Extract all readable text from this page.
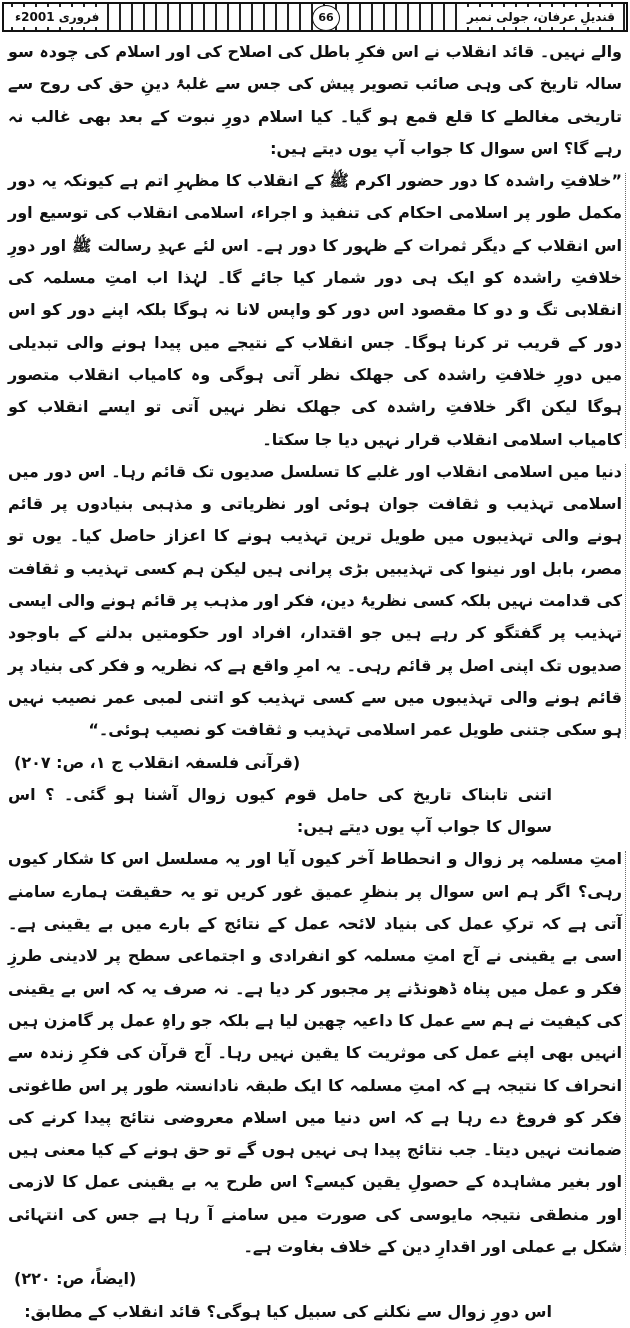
فروری 2001ء	66	قندیلِ عرفان، جولی نمبر

والے نہیں۔ قائد انقلاب نے اس فکرِ باطل کی اصلاح کی اور اسلام کی چودہ سو سالہ تاریخ کی وہی صائب تصویر پیش کی جس سے غلبۂ دینِ حق کی روح سے تاریخی مغالطے کا قلع قمع ہو گیا۔ کیا اسلام دورِ نبوت کے بعد بھی غالب نہ رہے گا؟ اس سوال کا جواب آپ یوں دیتے ہیں:

”خلافتِ راشدہ کا دور حضور اکرم ﷺ کے انقلاب کا مظہرِ اتم ہے کیونکہ یہ دور مکمل طور پر اسلامی احکام کی تنفیذ و اجراء، اسلامی انقلاب کی توسیع اور اس انقلاب کے دیگر ثمرات کے ظہور کا دور ہے۔ اس لئے عہدِ رسالت ﷺ اور دورِ خلافتِ راشدہ کو ایک ہی دور شمار کیا جائے گا۔ لہٰذا اب امتِ مسلمہ کی انقلابی تگ و دو کا مقصود اس دور کو واپس لانا نہ ہوگا بلکہ اپنے دور کو اس دور کے قریب تر کرنا ہوگا۔ جس انقلاب کے نتیجے میں پیدا ہونے والی تبدیلی میں دورِ خلافتِ راشدہ کی جھلک نظر آتی ہوگی وہ کامیاب انقلاب متصور ہوگا لیکن اگر خلافتِ راشدہ کی جھلک نظر نہیں آتی تو ایسے انقلاب کو کامیاب اسلامی انقلاب قرار نہیں دیا جا سکتا۔

دنیا میں اسلامی انقلاب اور غلبے کا تسلسل صدیوں تک قائم رہا۔ اس دور میں اسلامی تہذیب و ثقافت جوان ہوئی اور نظریاتی و مذہبی بنیادوں پر قائم ہونے والی تہذیبوں میں طویل ترین تہذیب ہونے کا اعزاز حاصل کیا۔ یوں تو مصر، بابل اور نینوا کی تہذیبیں بڑی پرانی ہیں لیکن ہم کسی تہذیب و ثقافت کی قدامت نہیں بلکہ کسی نظریۂ دین، فکر اور مذہب پر قائم ہونے والی ایسی تہذیب پر گفتگو کر رہے ہیں جو اقتدار، افراد اور حکومتیں بدلنے کے باوجود صدیوں تک اپنی اصل پر قائم رہی۔ یہ امرِ واقع ہے کہ نظریہ و فکر کی بنیاد پر قائم ہونے والی تہذیبوں میں سے کسی تہذیب کو اتنی لمبی عمر نصیب نہیں ہو سکی جتنی طویل عمر اسلامی تہذیب و ثقافت کو نصیب ہوئی۔“

(قرآنی فلسفہ انقلاب ج ۱، ص: ۲۰۷)

اتنی تابناک تاریخ کی حامل قوم کیوں زوال آشنا ہو گئی۔ ؟ اس سوال کا جواب آپ یوں دیتے ہیں:

امتِ مسلمہ پر زوال و انحطاط آخر کیوں آیا اور یہ مسلسل اس کا شکار کیوں رہی؟ اگر ہم اس سوال پر بنظرِ عمیق غور کریں تو یہ حقیقت ہمارے سامنے آتی ہے کہ ترکِ عمل کی بنیاد لائحہ عمل کے نتائج کے بارے میں بے یقینی ہے۔ اسی بے یقینی نے آج امتِ مسلمہ کو انفرادی و اجتماعی سطح پر لادینی طرزِ فکر و عمل میں پناہ ڈھونڈنے پر مجبور کر دیا ہے۔ نہ صرف یہ کہ اس بے یقینی کی کیفیت نے ہم سے عمل کا داعیہ چھین لیا ہے بلکہ جو راہِ عمل پر گامزن ہیں انہیں بھی اپنے عمل کی موثریت کا یقین نہیں رہا۔ آج قرآن کی فکرِ زندہ سے انحراف کا نتیجہ ہے کہ امتِ مسلمہ کا ایک طبقہ نادانستہ طور پر اس طاغوتی فکر کو فروغ دے رہا ہے کہ اس دنیا میں اسلام معروضی نتائج پیدا کرنے کی ضمانت نہیں دیتا۔ جب نتائج پیدا ہی نہیں ہوں گے تو حق ہونے کے کیا معنی ہیں اور بغیر مشاہدہ کے حصولِ یقین کیسے؟ اس طرح یہ بے یقینی عمل کا لازمی اور منطقی نتیجہ مایوسی کی صورت میں سامنے آ رہا ہے جس کی انتہائی شکل بے عملی اور اقدارِ دین کے خلاف بغاوت ہے۔

(ایضاً، ص: ۲۲۰)

اس دورِ زوال سے نکلنے کی سبیل کیا ہوگی؟ قائد انقلاب کے مطابق:
